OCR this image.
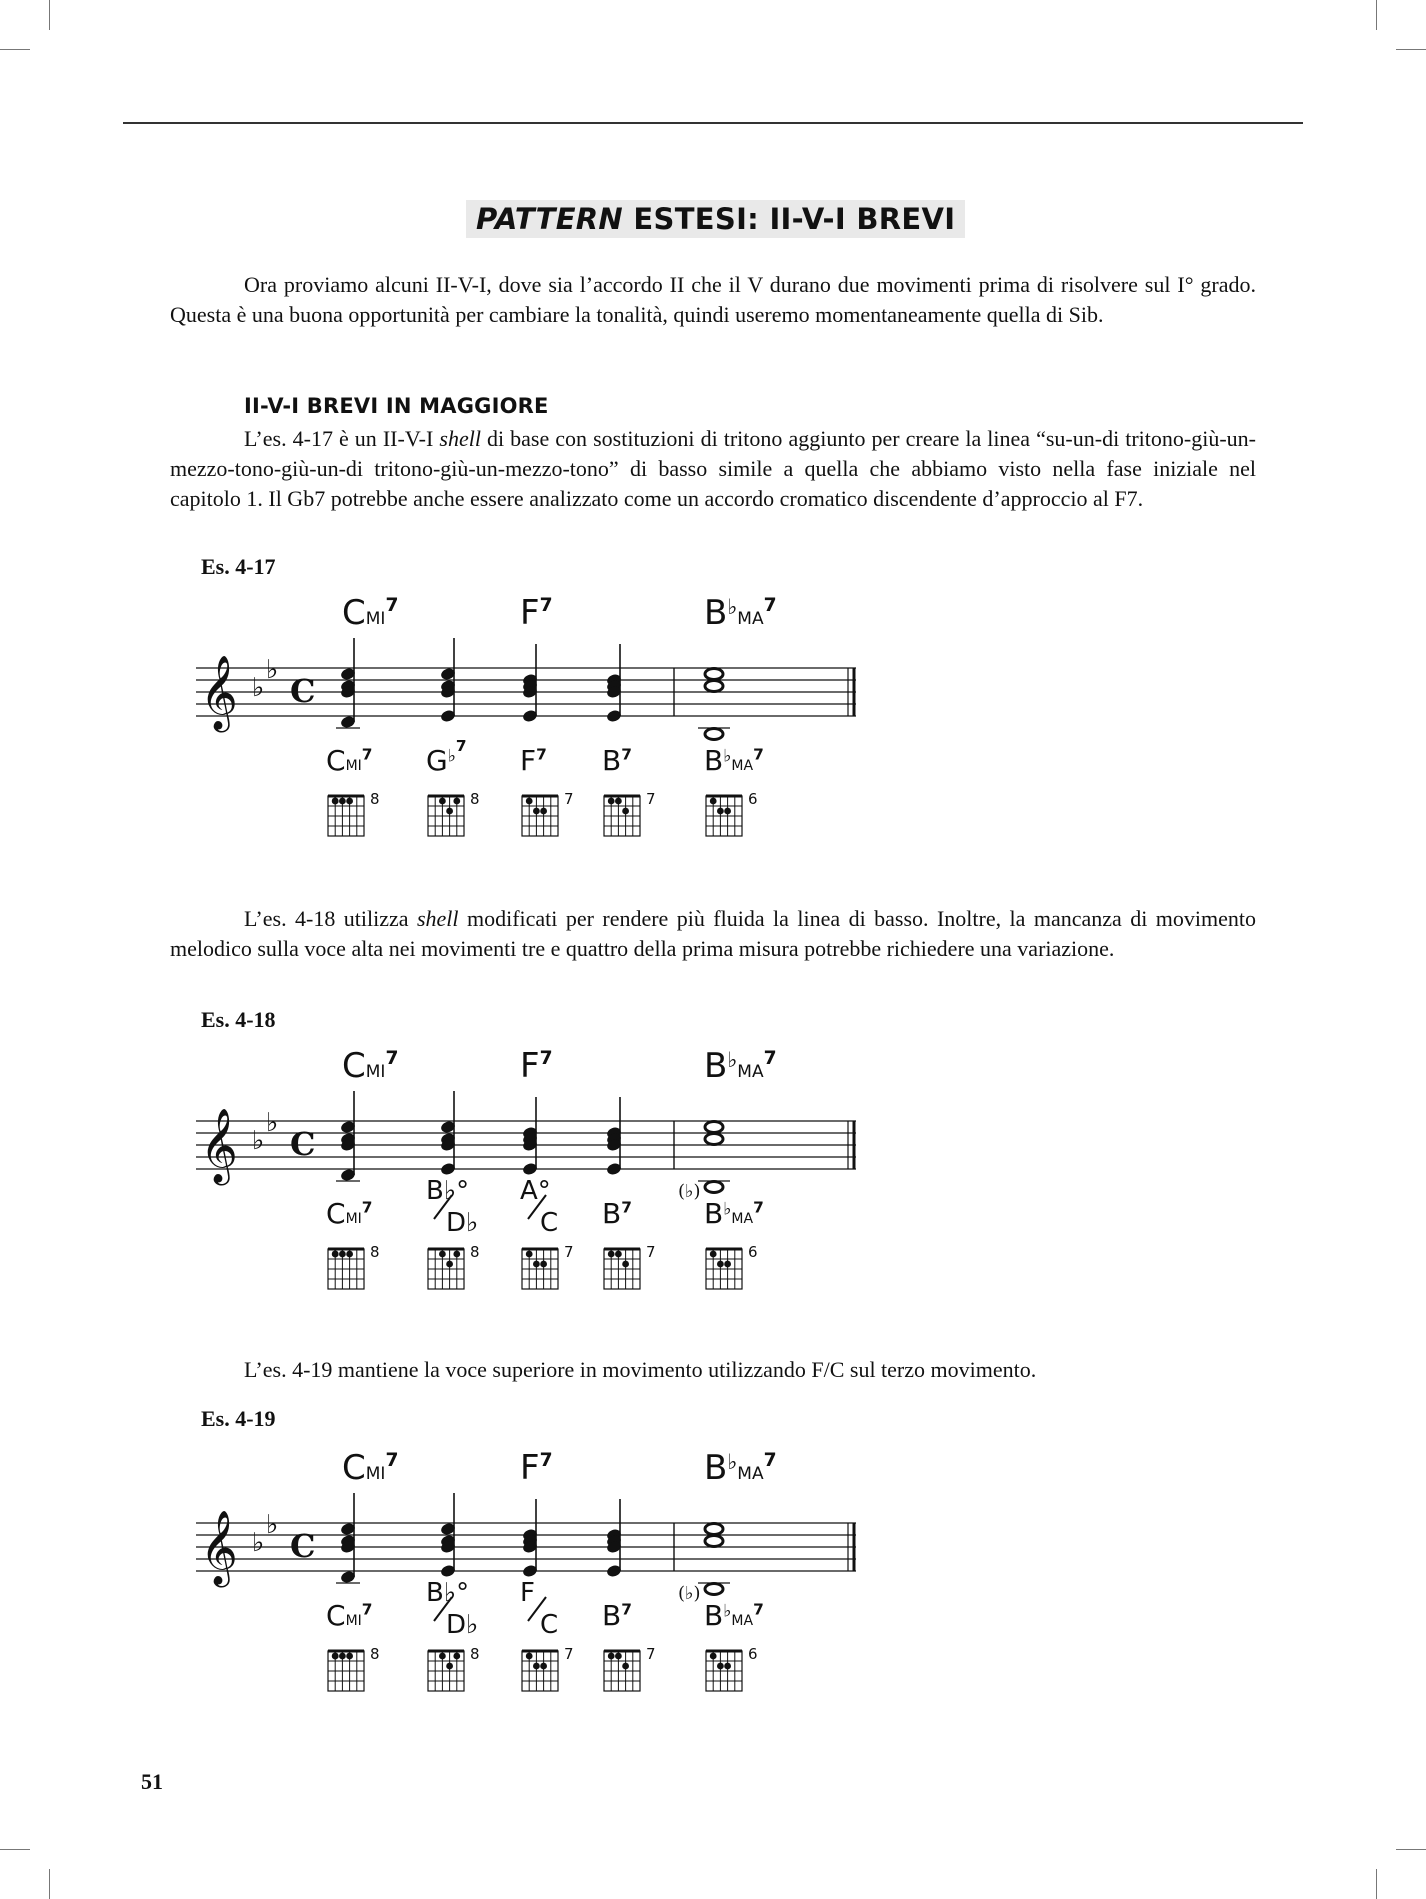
PATTERN ESTESI: II-V-I BREVI
Ora proviamo alcuni II-V-I, dove sia l’accordo II che il V durano due movimenti prima di risolvere sul I° grado. Questa è una buona opportunità per cambiare la tonalità, quindi useremo momentaneamente quella di Sib.
II-V-I BREVI IN MAGGIORE
L’es. 4-17 è un II-V-I shell di base con sostituzioni di tritono aggiunto per creare la linea “su-un-di tritono-giù-un-mezzo-tono-giù-un-di tritono-giù-un-mezzo-tono” di basso simile a quella che abbiamo visto nella fase iniziale nel capitolo 1. Il Gb7 potrebbe anche essere analizzato come un accordo cromatico discendente d’approccio al F7.
Es. 4-17
𝄞 ♭
♭
C
CMI$^7$	$F^7$	$B^♭_{MA}^7$
CMI$^7$
8
$G^{♭7}$
8
$F^7$
7
$B^7$
7
$B^♭_{MA}^7$
6
L’es. 4-18 utilizza shell modificati per rendere più fluida la linea di basso. Inoltre, la mancanza di movimento melodico sulla voce alta nei movimenti tre e quattro della prima misura potrebbe richiedere una variazione.
Es. 4-18
𝄞 ♭
♭
C
(♭)
CMI$^7$	$F^7$	$B^♭_{MA}^7$
CMI$^7$
8
B♭°
D♭
8
A°
C
7
$B^7$
7
$B^♭_{MA}^7$
6
L’es. 4-19 mantiene la voce superiore in movimento utilizzando F/C sul terzo movimento.
Es. 4-19
𝄞 ♭
♭
C
(♭)
CMI$^7$	$F^7$	$B^♭_{MA}^7$
CMI$^7$
8
B♭°
D♭
8
F
C
7
$B^7$
7
$B^♭_{MA}^7$
6
51
